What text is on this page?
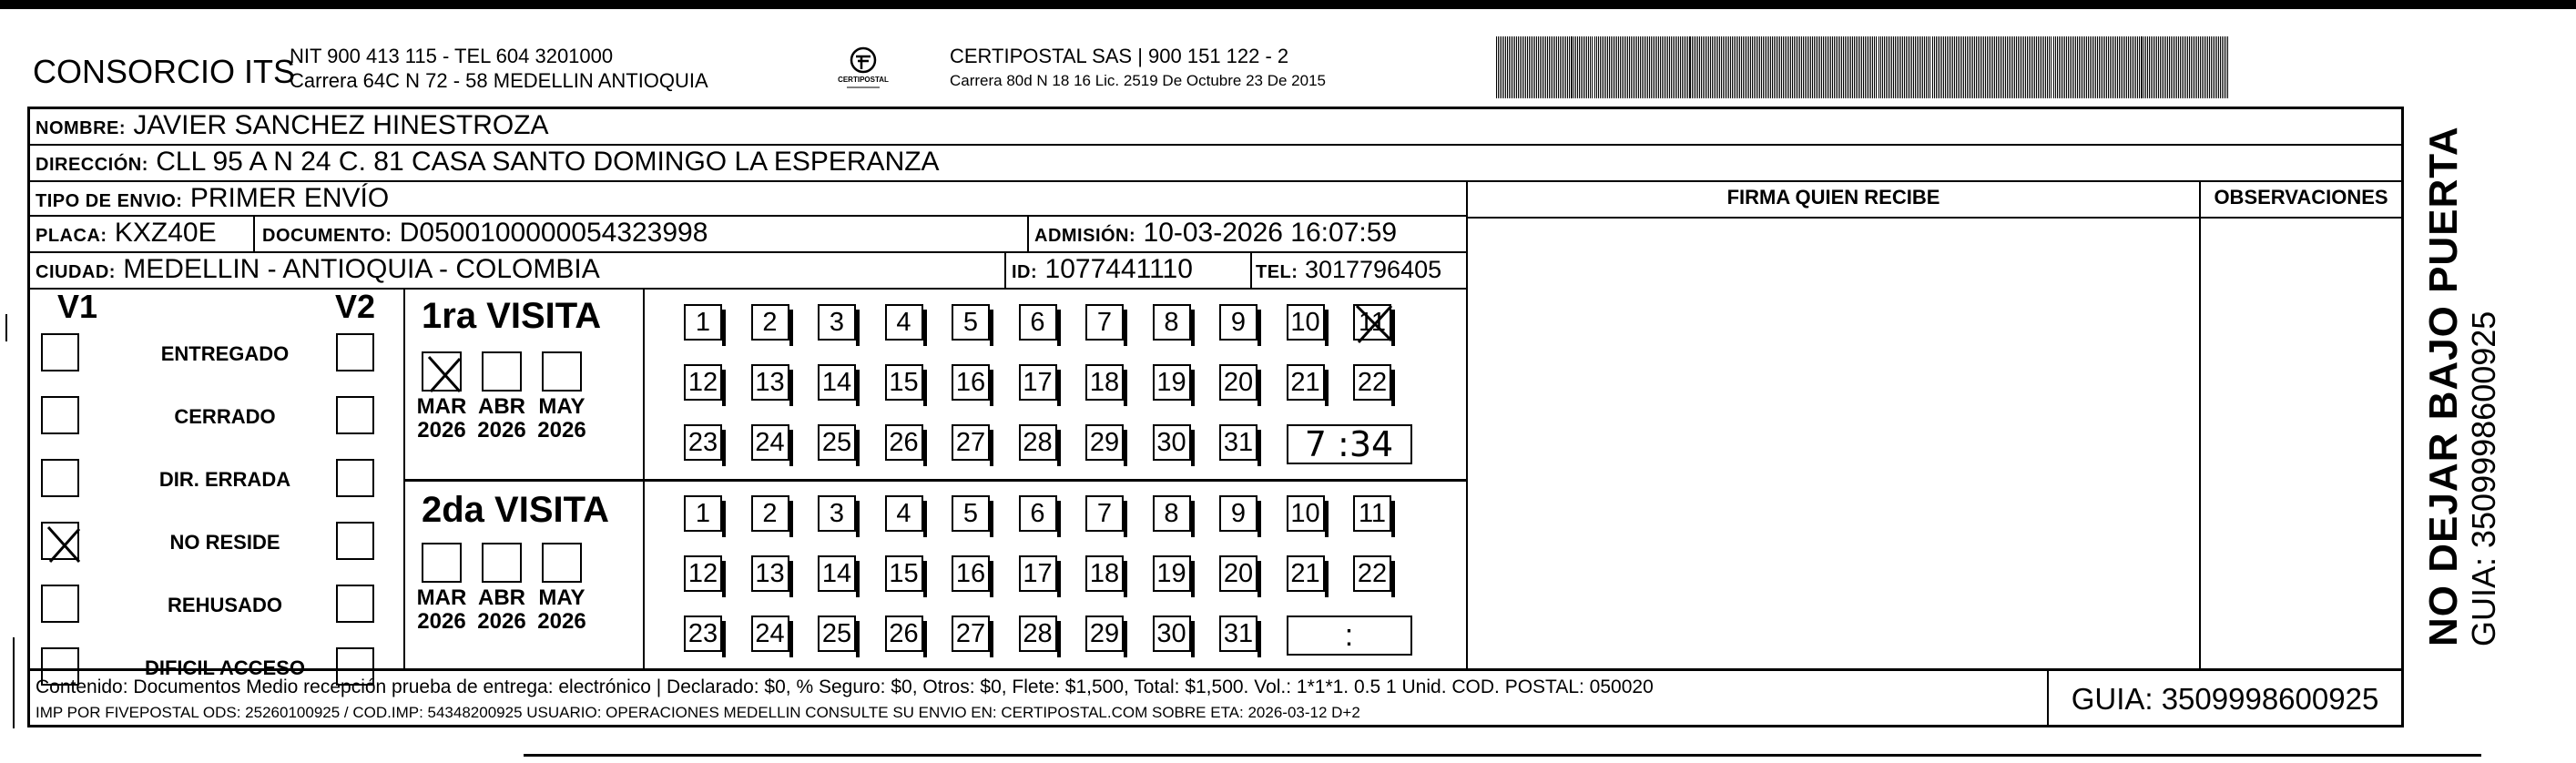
CONSORCIO ITS
NIT 900 413 115 - TEL 604 3201000
Carrera 64C N 72 - 58 MEDELLIN ANTIOQUIA	CERTIPOSTAL
CERTIPOSTAL SAS | 900 151 122 - 2
Carrera 80d N 18 16 Lic. 2519 De Octubre 23 De 2015
NOMBRE: JAVIER SANCHEZ HINESTROZA
DIRECCIÓN: CLL 95 A N 24 C. 81 CASA SANTO DOMINGO LA ESPERANZA
TIPO DE ENVIO: PRIMER ENVÍO
PLACA: KXZ40E	DOCUMENTO: D0500100000054323998	ADMISIÓN: 10-03-2026 16:07:59
CIUDAD: MEDELLIN - ANTIOQUIA - COLOMBIA	ID: 1077441110	TEL: 3017796405
FIRMA QUIEN RECIBE	OBSERVACIONES
V1	V2
ENTREGADO
CERRADO
DIR. ERRADA
NO RESIDE
REHUSADO
DIFICIL ACCESO
1ra VISITA
2da VISITA
MAR
2026
ABR
2026
MAY
2026
1	2	3	4	5	6	7	8	9	10 11
12 13 14 15 16 17 18 19 20 21 22
23 24 25 26 27 28 29 30 31	7 :34
MAR
2026
ABR
2026
MAY
2026
1	2	3	4	5	6	7	8	9	10 11
12 13 14 15 16 17 18 19 20 21 22
23 24 25 26 27 28 29 30 31	:
Contenido: Documentos Medio recepción prueba de entrega: electrónico | Declarado: $0, % Seguro: $0, Otros: $0, Flete: $1,500, Total: $1,500. Vol.: 1*1*1. 0.5 1 Unid. COD. POSTAL: 050020
IMP POR FIVEPOSTAL ODS: 25260100925 / COD.IMP: 54348200925 USUARIO: OPERACIONES MEDELLIN CONSULTE SU ENVIO EN: CERTIPOSTAL.COM SOBRE ETA: 2026-03-12 D+2	GUIA: 3509998600925
NO DEJAR BAJO PUERTA GUIA: 3509998600925
